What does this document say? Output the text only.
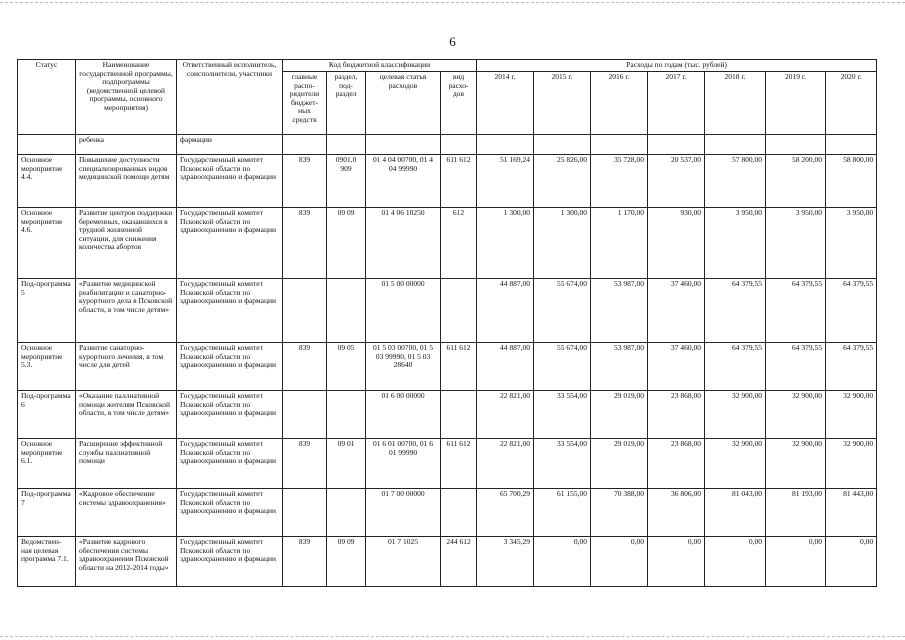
6
Статус	Наименование государственной программы, подпрограммы (ведомственной целевой программы, основного мероприятия)	Ответственный исполнитель, соисполнители, участники	Код бюджетной классификации				Расходы по годам (тыс. рублей)						
			главные распо-рядители бюджет-ных средств	раздел, под-раздел	целевая статья расходов	вид расхо-дов	2014 г.	2015 г.	2016 г.	2017 г.	2018 г.	2019 г.	2020 г.
	ребенка	фармации											
Основное мероприятие 4.4.	Повышение доступности специализированных видов медицинской помощи детям	Государственный комитет Псковской области по здравоохранению и фармации	839	0901,0 909	01 4 04 00700, 01 4 04 99990	611 612	51 169,24	25 826,00	35 728,00	20 537,00	57 800,00	58 200,00	58 800,00
Основное мероприятие 4.6.	Развитие центров поддержки беременных, оказавшихся в трудной жизненной ситуации, для снижения количества абортов	Государственный комитет Псковской области по здравоохранению и фармации	839	09 09	01 4 06 10250	612	1 300,00	1 300,00	1 170,00	930,00	3 950,00	3 950,00	3 950,00
Под-программа 5	«Развитие медицинской реабилитации и санаторно-курортного дела в Псковской области, в том числе детям»	Государственный комитет Псковской области по здравоохранению и фармации			01 5 00 00000		44 887,00	55 674,00	53 987,00	37 460,00	64 379,55	64 379,55	64 379,55
Основное мероприятие 5.3.	Развитие санаторно-курортного лечения, в том числе для детей	Государственный комитет Псковской области по здравоохранению и фармации	839	09 05	01 5 03 00700, 01 5 03 99990, 01 5 03 28640	611 612	44 887,00	55 674,00	53 987,00	37 460,00	64 379,55	64 379,55	64 379,55
Под-программа 6	«Оказание паллиативной помощи жителям Псковской области, в том числе детям»	Государственный комитет Псковской области по здравоохранению и фармации			01 6 00 00000		22 821,00	33 554,00	29 019,00	23 868,00	32 900,00	32 900,00	32 900,00
Основное мероприятие 6.1.	Расширение эффективной службы паллиативной помощи	Государственный комитет Псковской области по здравоохранению и фармации	839	09 01	01 6 01 00700, 01 6 01 99990	611 612	22 821,00	33 554,00	29 019,00	23 868,00	32 900,00	32 900,00	32 900,00
Под-программа 7	«Кадровое обеспечение системы здравоохранения»	Государственный комитет Псковской области по здравоохранению и фармации			01 7 00 00000		65 700,29	61 155,00	70 388,00	36 806,00	81 043,00	81 193,00	81 443,00
Ведомствен-ная целевая программа 7.1.	«Развитие кадрового обеспечения системы здравоохранения Псковской области на 2012-2014 годы»	Государственный комитет Псковской области по здравоохранению и фармации	839	09 09	01 7 1025	244 612	3 345,29	0,00	0,00	0,00	0,00	0,00	0,00
